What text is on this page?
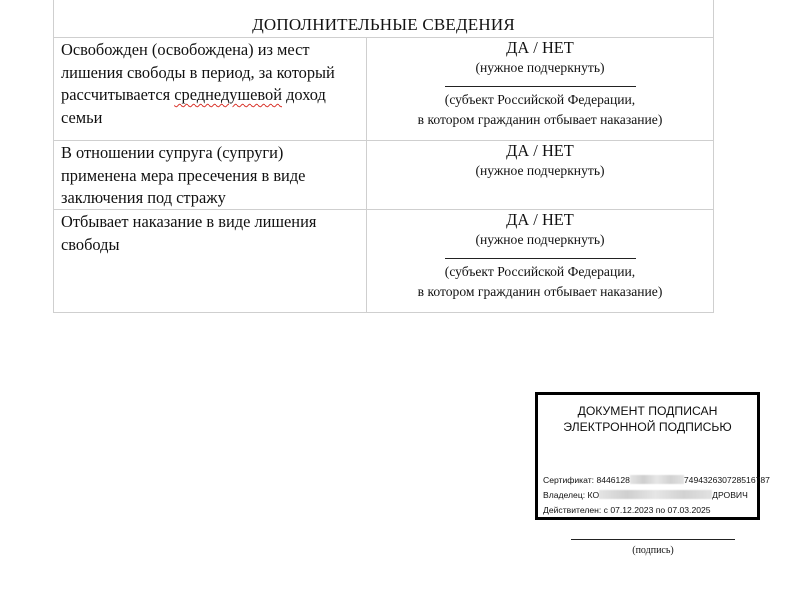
ДОПОЛНИТЕЛЬНЫЕ СВЕДЕНИЯ
Освобожден (освобождена) из мест лишения свободы в период, за который рассчитывается среднедушевой доход семьи
ДА / НЕТ
(нужное подчеркнуть)
(субъект Российской Федерации,
в котором гражданин отбывает наказание)
В отношении супруга (супруги) применена мера пресечения в виде заключения под стражу
ДА / НЕТ
(нужное подчеркнуть)
Отбывает наказание в виде лишения свободы
ДА / НЕТ
(нужное подчеркнуть)
(субъект Российской Федерации,
в котором гражданин отбывает наказание)
ДОКУМЕНТ ПОДПИСАН
ЭЛЕКТРОННОЙ ПОДПИСЬЮ
Сертификат: 8446128	749432630728516787
Владелец: КО	ДРОВИЧ
Действителен: с 07.12.2023 по 07.03.2025
(подпись)
